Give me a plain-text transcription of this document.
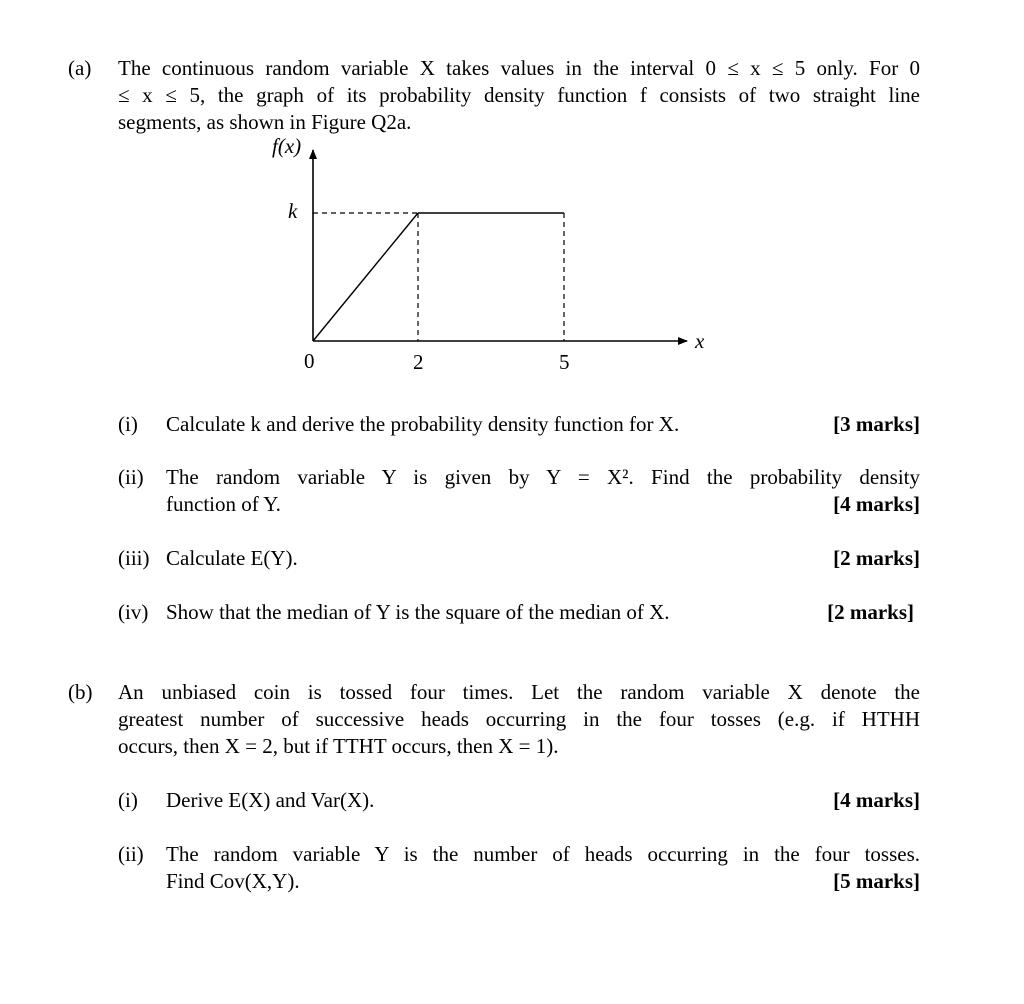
(a) The continuous random variable X takes values in the interval 0 ≤ x ≤ 5 only. For 0
≤ x ≤ 5, the graph of its probability density function f consists of two straight line
segments, as shown in Figure Q2a.
f(x)
x
k
0	2	5
(i) Calculate k and derive the probability density function for X.	[3 marks]
(ii) The random variable Y is given by Y = X². Find the probability density
function of Y.	[4 marks]
(iii) Calculate E(Y).	[2 marks]
(iv) Show that the median of Y is the square of the median of X.	[2 marks]
(b) An unbiased coin is tossed four times. Let the random variable X denote the
greatest number of successive heads occurring in the four tosses (e.g. if HTHH
occurs, then X = 2, but if TTHT occurs, then X = 1).
(i) Derive E(X) and Var(X).	[4 marks]
(ii) The random variable Y is the number of heads occurring in the four tosses.
Find Cov(X,Y).	[5 marks]
